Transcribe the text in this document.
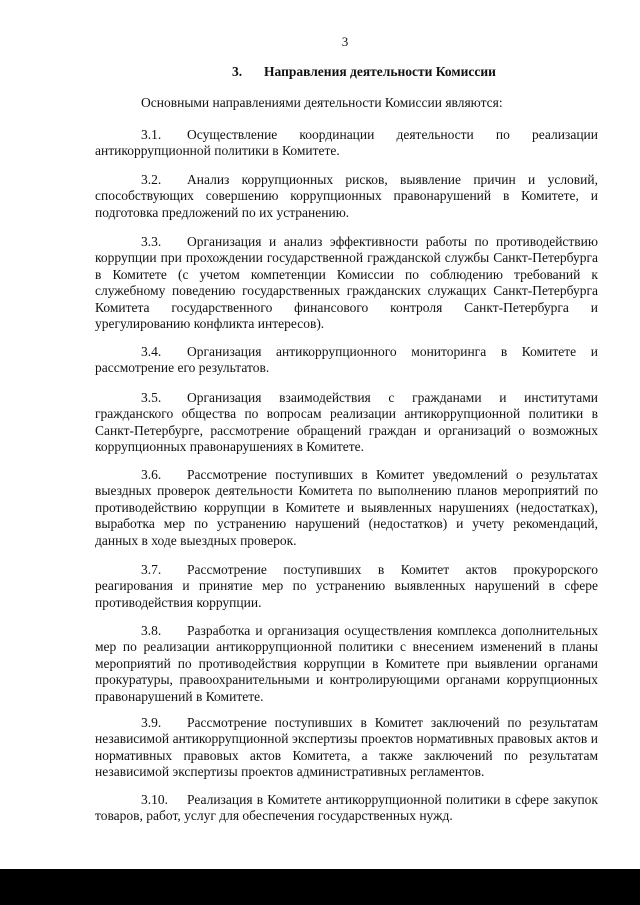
3
3. Направления деятельности Комиссии
Основными направлениями деятельности Комиссии являются:
3.1. Осуществление координации деятельности по реализации антикоррупционной политики в Комитете.
3.2. Анализ коррупционных рисков, выявление причин и условий, способствующих совершению коррупционных правонарушений в Комитете, и подготовка предложений по их устранению.
3.3. Организация и анализ эффективности работы по противодействию коррупции при прохождении государственной гражданской службы Санкт-Петербурга в Комитете (с учетом компетенции Комиссии по соблюдению требований к служебному поведению государственных гражданских служащих Санкт-Петербурга Комитета государственного финансового контроля Санкт-Петербурга и урегулированию конфликта интересов).
3.4. Организация антикоррупционного мониторинга в Комитете и рассмотрение его результатов.
3.5. Организация взаимодействия с гражданами и институтами гражданского общества по вопросам реализации антикоррупционной политики в Санкт-Петербурге, рассмотрение обращений граждан и организаций о возможных коррупционных правонарушениях в Комитете.
3.6. Рассмотрение поступивших в Комитет уведомлений о результатах выездных проверок деятельности Комитета по выполнению планов мероприятий по противодействию коррупции в Комитете и выявленных нарушениях (недостатках), выработка мер по устранению нарушений (недостатков) и учету рекомендаций, данных в ходе выездных проверок.
3.7. Рассмотрение поступивших в Комитет актов прокурорского реагирования и принятие мер по устранению выявленных нарушений в сфере противодействия коррупции.
3.8. Разработка и организация осуществления комплекса дополнительных мер по реализации антикоррупционной политики с внесением изменений в планы мероприятий по противодействия коррупции в Комитете при выявлении органами прокуратуры, правоохранительными и контролирующими органами коррупционных правонарушений в Комитете.
3.9. Рассмотрение поступивших в Комитет заключений по результатам независимой антикоррупционной экспертизы проектов нормативных правовых актов и нормативных правовых актов Комитета, а также заключений по результатам независимой экспертизы проектов административных регламентов.
3.10. Реализация в Комитете антикоррупционной политики в сфере закупок товаров, работ, услуг для обеспечения государственных нужд.
